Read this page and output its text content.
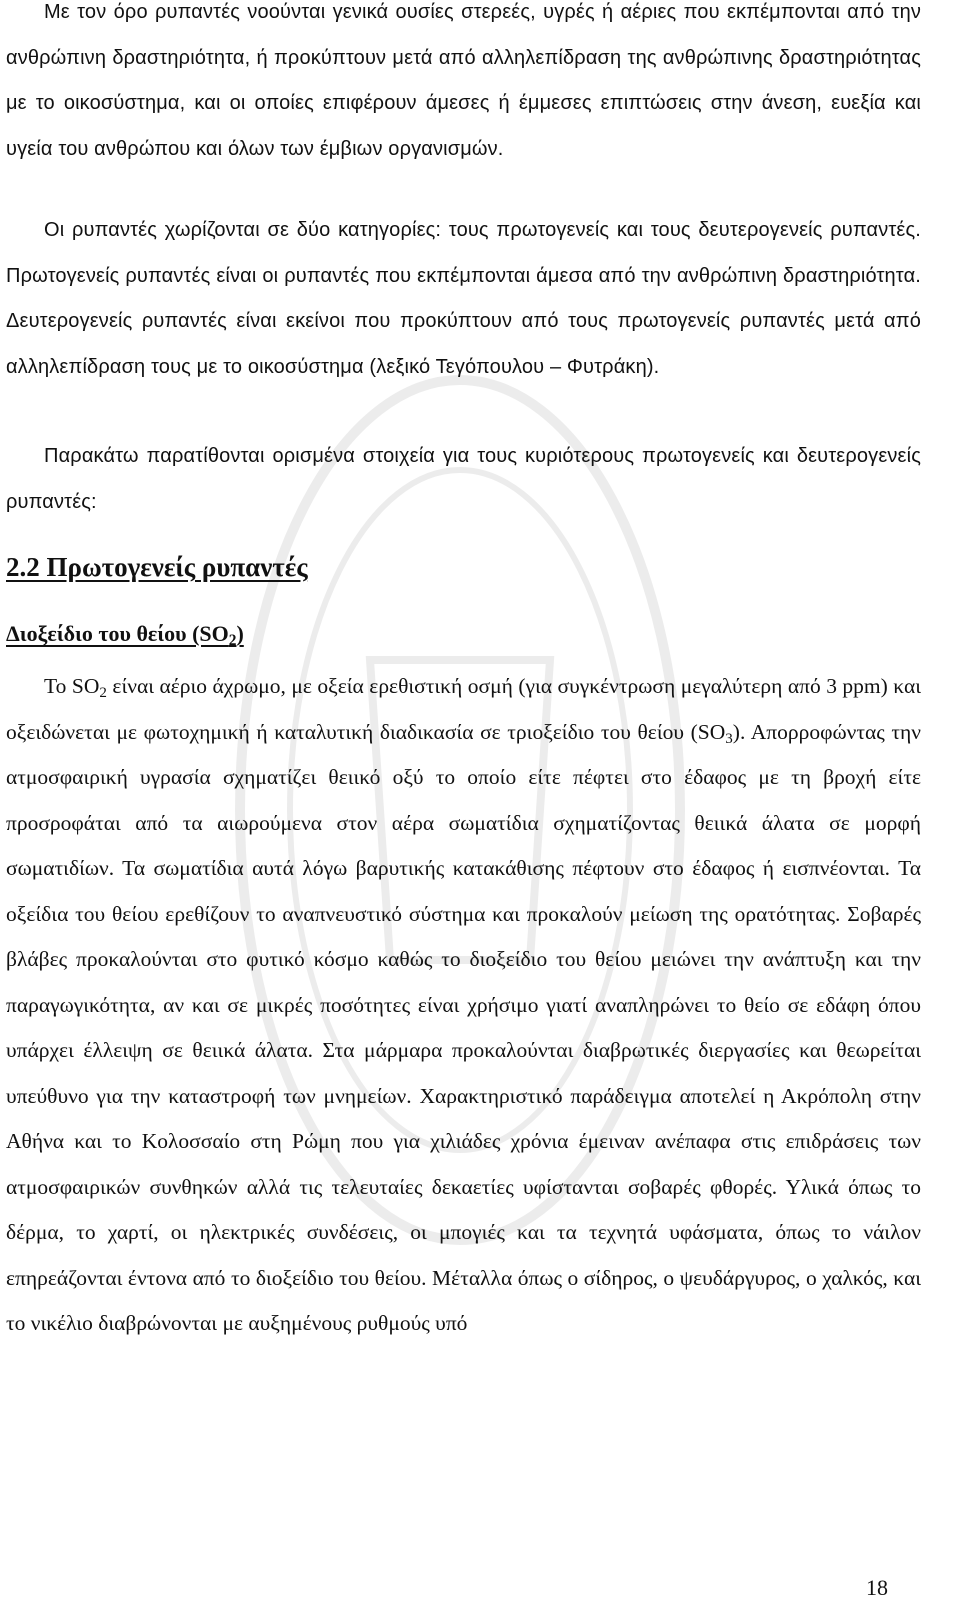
Με τον όρο ρυπαντές νοούνται γενικά ουσίες στερεές, υγρές ή αέριες που εκπέμπονται από την ανθρώπινη δραστηριότητα, ή προκύπτουν μετά από αλληλεπίδραση της ανθρώπινης δραστηριότητας με το οικοσύστημα, και οι οποίες επιφέρουν άμεσες ή έμμεσες επιπτώσεις στην άνεση, ευεξία και υγεία του ανθρώπου και όλων των έμβιων οργανισμών.

Οι ρυπαντές χωρίζονται σε δύο κατηγορίες: τους πρωτογενείς και τους δευτερογενείς ρυπαντές. Πρωτογενείς ρυπαντές είναι οι ρυπαντές που εκπέμπονται άμεσα από την ανθρώπινη δραστηριότητα. Δευτερογενείς ρυπαντές είναι εκείνοι που προκύπτουν από τους πρωτογενείς ρυπαντές μετά από αλληλεπίδραση τους με το οικοσύστημα (λεξικό Τεγόπουλου – Φυτράκη).

Παρακάτω παρατίθονται ορισμένα στοιχεία για τους κυριότερους πρωτογενείς και δευτερογενείς ρυπαντές:

2.2 Πρωτογενείς ρυπαντές
Διοξείδιο του θείου $(SO_2)$

Το $SO_2$ είναι αέριο άχρωμο, με οξεία ερεθιστική οσμή (για συγκέντρωση μεγαλύτερη από 3 ppm) και οξειδώνεται με φωτοχημική ή καταλυτική διαδικασία σε τριοξείδιο του θείου $(SO_3)$. Απορροφώντας την ατμοσφαιρική υγρασία σχηματίζει θειικό οξύ το οποίο είτε πέφτει στο έδαφος με τη βροχή είτε προσροφάται από τα αιωρούμενα στον αέρα σωματίδια σχηματίζοντας θειικά άλατα σε μορφή σωματιδίων. Τα σωματίδια αυτά λόγω βαρυτικής κατακάθισης πέφτουν στο έδαφος ή εισπνέονται. Τα οξείδια του θείου ερεθίζουν το αναπνευστικό σύστημα και προκαλούν μείωση της ορατότητας. Σοβαρές βλάβες προκαλούνται στο φυτικό κόσμο καθώς το διοξείδιο του θείου μειώνει την ανάπτυξη και την παραγωγικότητα, αν και σε μικρές ποσότητες είναι χρήσιμο γιατί αναπληρώνει το θείο σε εδάφη όπου υπάρχει έλλειψη σε θειικά άλατα. Στα μάρμαρα προκαλούνται διαβρωτικές διεργασίες και θεωρείται υπεύθυνο για την καταστροφή των μνημείων. Χαρακτηριστικό παράδειγμα αποτελεί η Ακρόπολη στην Αθήνα και το Κολοσσαίο στη Ρώμη που για χιλιάδες χρόνια έμειναν ανέπαφα στις επιδράσεις των ατμοσφαιρικών συνθηκών αλλά τις τελευταίες δεκαετίες υφίστανται σοβαρές φθορές. Υλικά όπως το δέρμα, το χαρτί, οι ηλεκτρικές συνδέσεις, οι μπογιές και τα τεχνητά υφάσματα, όπως το νάιλον επηρεάζονται έντονα από το διοξείδιο του θείου. Μέταλλα όπως ο σίδηρος, ο ψευδάργυρος, ο χαλκός, και το νικέλιο διαβρώνονται με αυξημένους ρυθμούς υπό

18
